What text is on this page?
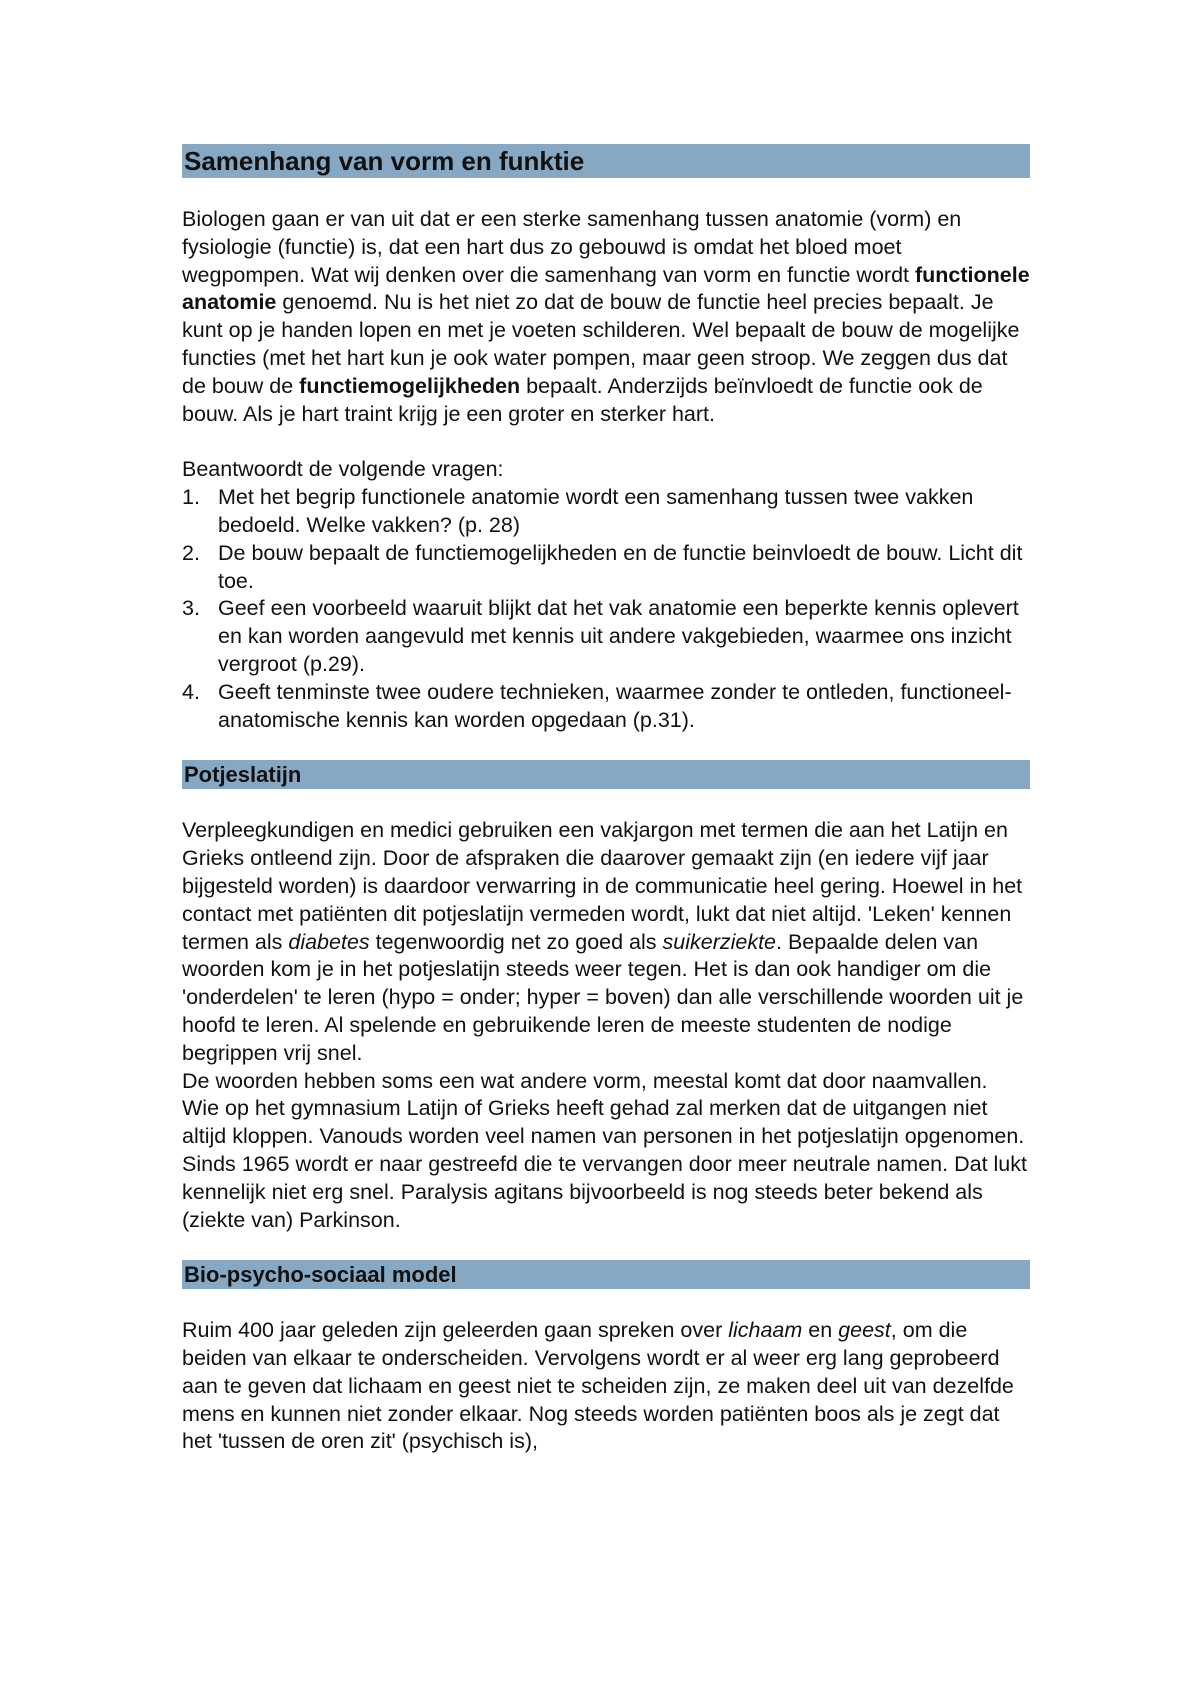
Samenhang van vorm en funktie

Biologen gaan er van uit dat er een sterke samenhang tussen anatomie (vorm) en fysiologie (functie) is, dat een hart dus zo gebouwd is omdat het bloed moet wegpompen. Wat wij denken over die samenhang van vorm en functie wordt functionele anatomie genoemd. Nu is het niet zo dat de bouw de functie heel precies bepaalt. Je kunt op je handen lopen en met je voeten schilderen. Wel bepaalt de bouw de mogelijke functies (met het hart kun je ook water pompen, maar geen stroop. We zeggen dus dat de bouw de functiemogelijkheden bepaalt. Anderzijds beïnvloedt de functie ook de bouw. Als je hart traint krijg je een groter en sterker hart.

Beantwoordt de volgende vragen:

1. Met het begrip functionele anatomie wordt een samenhang tussen twee vakken bedoeld. Welke vakken? (p. 28)
2. De bouw bepaalt de functiemogelijkheden en de functie beinvloedt de bouw. Licht dit toe.
3. Geef een voorbeeld waaruit blijkt dat het vak anatomie een beperkte kennis oplevert en kan worden aangevuld met kennis uit andere vakgebieden, waarmee ons inzicht vergroot (p.29).
4. Geeft tenminste twee oudere technieken, waarmee zonder te ontleden, functioneel-anatomische kennis kan worden opgedaan (p.31).
Potjeslatijn

Verpleegkundigen en medici gebruiken een vakjargon met termen die aan het Latijn en Grieks ontleend zijn. Door de afspraken die daarover gemaakt zijn (en iedere vijf jaar bijgesteld worden) is daardoor verwarring in de communicatie heel gering. Hoewel in het contact met patiënten dit potjeslatijn vermeden wordt, lukt dat niet altijd. 'Leken' kennen termen als diabetes tegenwoordig net zo goed als suikerziekte. Bepaalde delen van woorden kom je in het potjeslatijn steeds weer tegen. Het is dan ook handiger om die 'onderdelen' te leren (hypo = onder; hyper = boven) dan alle verschillende woorden uit je hoofd te leren. Al spelende en gebruikende leren de meeste studenten de nodige begrippen vrij snel.

De woorden hebben soms een wat andere vorm, meestal komt dat door naamvallen. Wie op het gymnasium Latijn of Grieks heeft gehad zal merken dat de uitgangen niet altijd kloppen. Vanouds worden veel namen van personen in het potjeslatijn opgenomen. Sinds 1965 wordt er naar gestreefd die te vervangen door meer neutrale namen. Dat lukt kennelijk niet erg snel. Paralysis agitans bijvoorbeeld is nog steeds beter bekend als (ziekte van) Parkinson.

Bio-psycho-sociaal model

Ruim 400 jaar geleden zijn geleerden gaan spreken over lichaam en geest, om die beiden van elkaar te onderscheiden. Vervolgens wordt er al weer erg lang geprobeerd aan te geven dat lichaam en geest niet te scheiden zijn, ze maken deel uit van dezelfde mens en kunnen niet zonder elkaar. Nog steeds worden patiënten boos als je zegt dat het 'tussen de oren zit' (psychisch is),
